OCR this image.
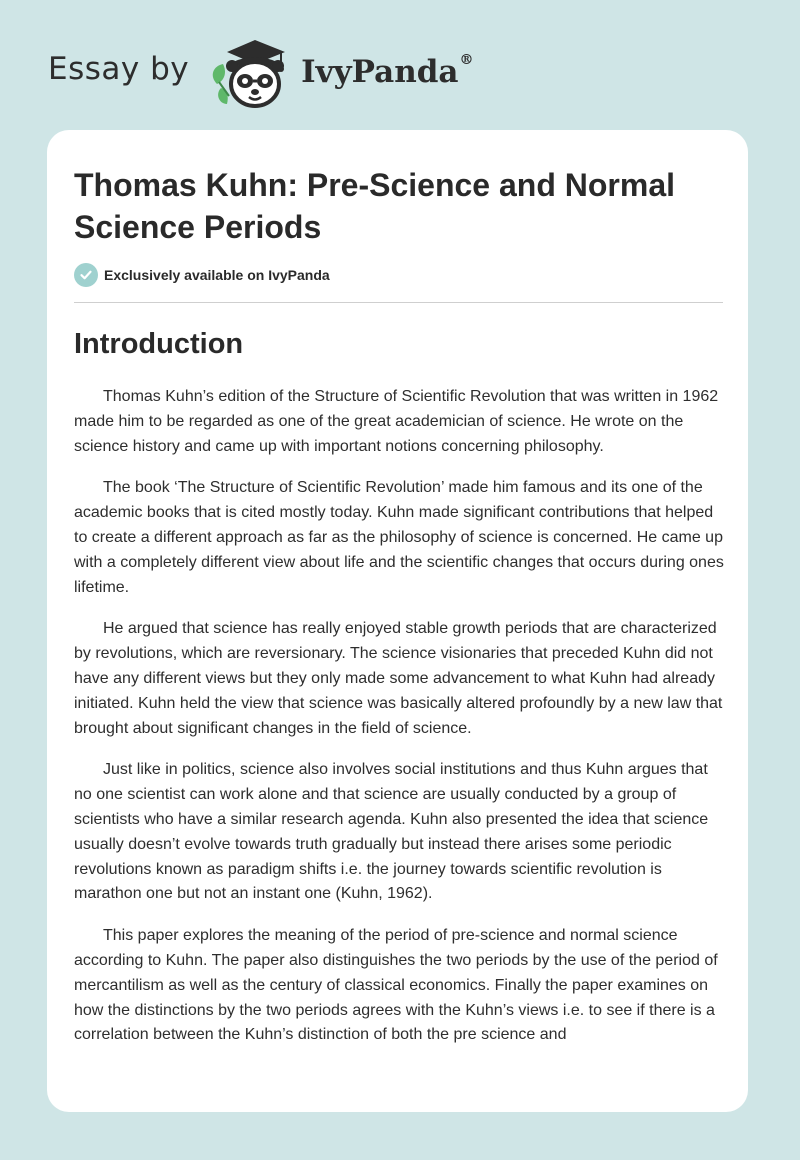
Essay by	IvyPanda®
Thomas Kuhn: Pre-Science and Normal Science Periods
Exclusively available on IvyPanda
Introduction

Thomas Kuhn’s edition of the Structure of Scientific Revolution that was written in 1962 made him to be regarded as one of the great academician of science. He wrote on the science history and came up with important notions concerning philosophy.

The book ‘The Structure of Scientific Revolution’ made him famous and its one of the academic books that is cited mostly today. Kuhn made significant contributions that helped to create a different approach as far as the philosophy of science is concerned. He came up with a completely different view about life and the scientific changes that occurs during ones lifetime.

He argued that science has really enjoyed stable growth periods that are characterized by revolutions, which are reversionary. The science visionaries that preceded Kuhn did not have any different views but they only made some advancement to what Kuhn had already initiated. Kuhn held the view that science was basically altered profoundly by a new law that brought about significant changes in the field of science.

Just like in politics, science also involves social institutions and thus Kuhn argues that no one scientist can work alone and that science are usually conducted by a group of scientists who have a similar research agenda. Kuhn also presented the idea that science usually doesn’t evolve towards truth gradually but instead there arises some periodic revolutions known as paradigm shifts i.e. the journey towards scientific revolution is marathon one but not an instant one (Kuhn, 1962).

This paper explores the meaning of the period of pre-science and normal science according to Kuhn. The paper also distinguishes the two periods by the use of the period of mercantilism as well as the century of classical economics. Finally the paper examines on how the distinctions by the two periods agrees with the Kuhn’s views i.e. to see if there is a correlation between the Kuhn’s distinction of both the pre science and
